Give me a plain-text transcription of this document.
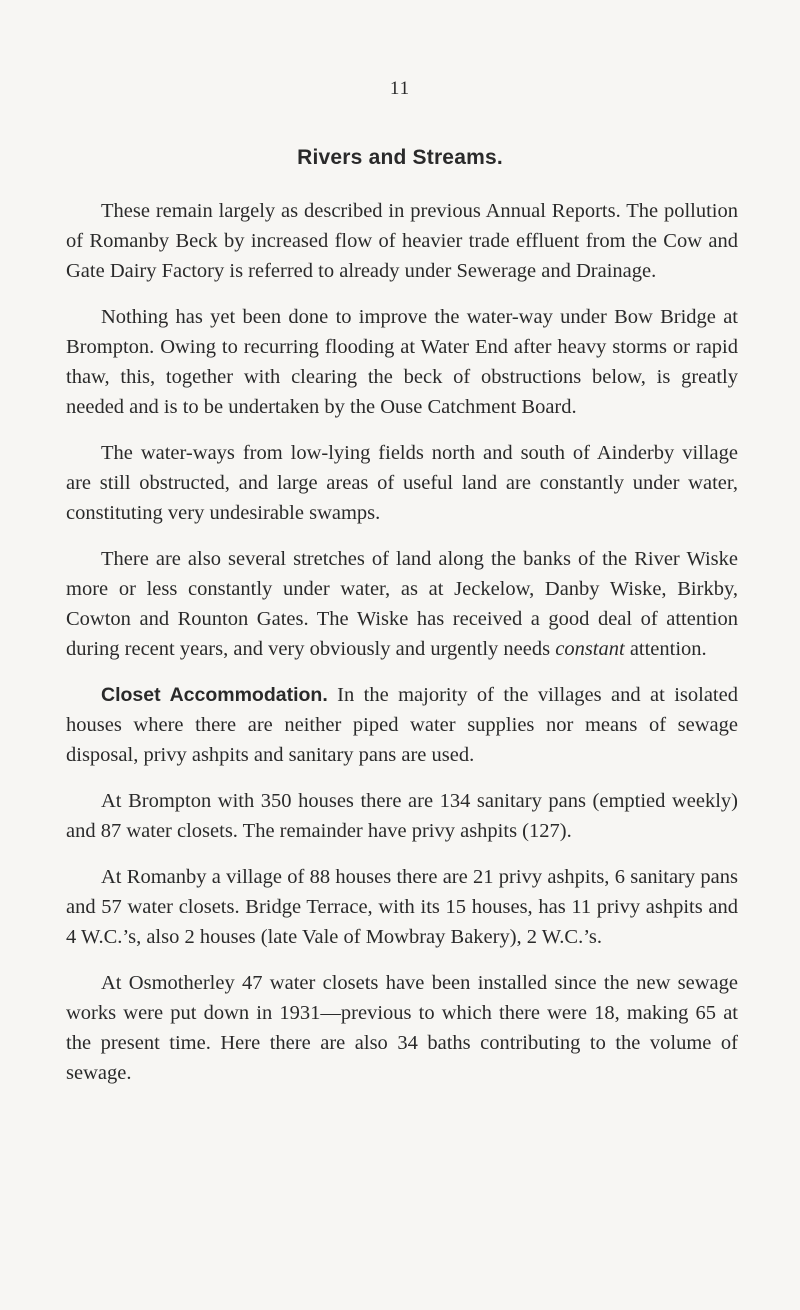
11
Rivers and Streams.

These remain largely as described in previous Annual Reports. The pollution of Romanby Beck by increased flow of heavier trade effluent from the Cow and Gate Dairy Factory is referred to already under Sewerage and Drainage.

Nothing has yet been done to improve the water-way under Bow Bridge at Brompton. Owing to recurring flooding at Water End after heavy storms or rapid thaw, this, together with clearing the beck of obstructions below, is greatly needed and is to be undertaken by the Ouse Catchment Board.

The water-ways from low-lying fields north and south of Ainderby village are still obstructed, and large areas of useful land are constantly under water, constituting very undesirable swamps.

There are also several stretches of land along the banks of the River Wiske more or less constantly under water, as at Jeckelow, Danby Wiske, Birkby, Cowton and Rounton Gates. The Wiske has received a good deal of attention during recent years, and very obviously and urgently needs constant attention.

Closet Accommodation. In the majority of the villages and at isolated houses where there are neither piped water supplies nor means of sewage disposal, privy ashpits and sanitary pans are used.

At Brompton with 350 houses there are 134 sanitary pans (emptied weekly) and 87 water closets. The remainder have privy ashpits (127).

At Romanby a village of 88 houses there are 21 privy ashpits, 6 sanitary pans and 57 water closets. Bridge Terrace, with its 15 houses, has 11 privy ashpits and 4 W.C.’s, also 2 houses (late Vale of Mowbray Bakery), 2 W.C.’s.

At Osmotherley 47 water closets have been installed since the new sewage works were put down in 1931—previous to which there were 18, making 65 at the present time. Here there are also 34 baths contributing to the volume of sewage.
